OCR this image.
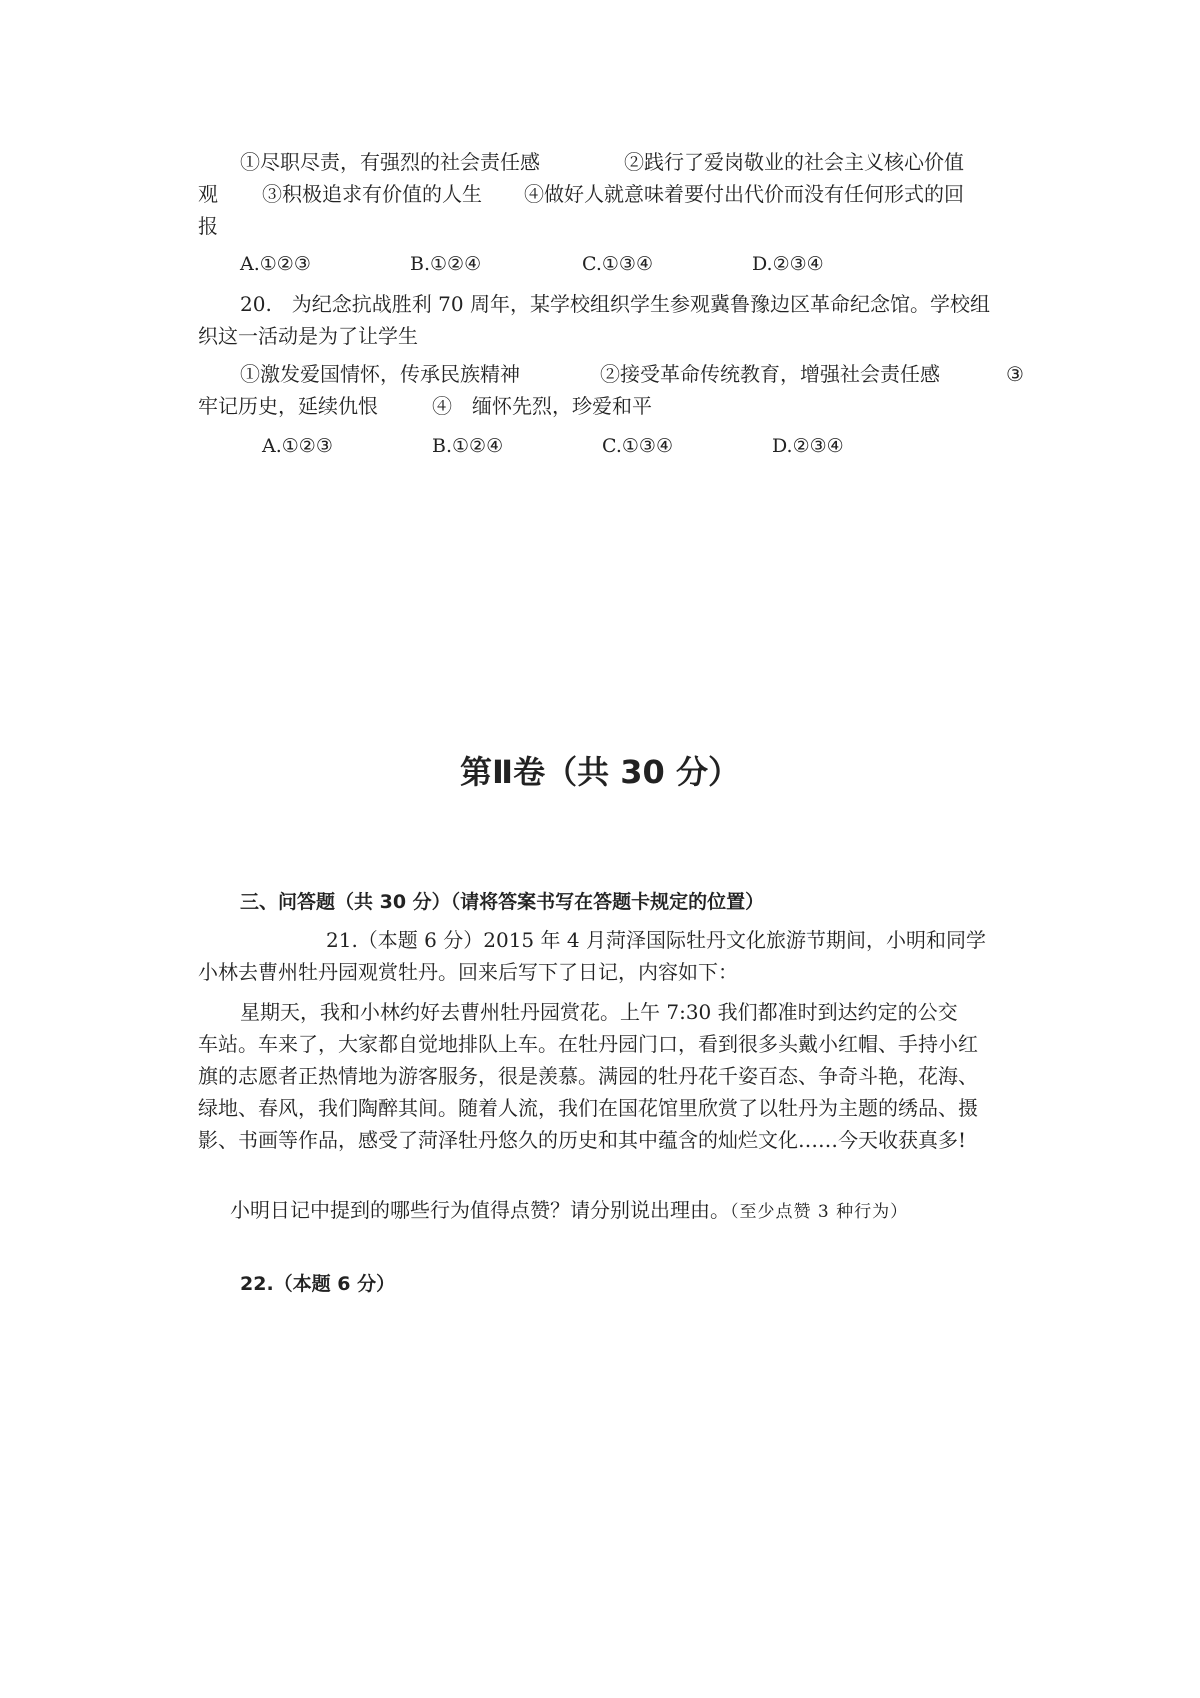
①尽职尽责，有强烈的社会责任感	②践行了爱岗敬业的社会主义核心价值
观 ③积极追求有价值的人生 ④做好人就意味着要付出代价而没有任何形式的回
报
A.①②③	B.①②④	C.①③④	D.②③④
20.　为纪念抗战胜利 70 周年，某学校组织学生参观冀鲁豫边区革命纪念馆。学校组
织这一活动是为了让学生
①激发爱国情怀，传承民族精神	②接受革命传统教育，增强社会责任感	③
牢记历史，延续仇恨	④　缅怀先烈，珍爱和平
A.①②③	B.①②④	C.①③④	D.②③④
第Ⅱ卷（共 30 分）
三、问答题（共 30 分）（请将答案书写在答题卡规定的位置）
21.（本题 6 分）2015 年 4 月菏泽国际牡丹文化旅游节期间，小明和同学
小林去曹州牡丹园观赏牡丹。回来后写下了日记，内容如下：
星期天，我和小林约好去曹州牡丹园赏花。上午 7:30 我们都准时到达约定的公交
车站。车来了，大家都自觉地排队上车。在牡丹园门口，看到很多头戴小红帽、手持小红
旗的志愿者正热情地为游客服务，很是羡慕。满园的牡丹花千姿百态、争奇斗艳，花海、
绿地、春风，我们陶醉其间。随着人流，我们在国花馆里欣赏了以牡丹为主题的绣品、摄
影、书画等作品，感受了菏泽牡丹悠久的历史和其中蕴含的灿烂文化……今天收获真多!
小明日记中提到的哪些行为值得点赞？请分别说出理由。（至少点赞 3 种行为）
22.（本题 6 分）
